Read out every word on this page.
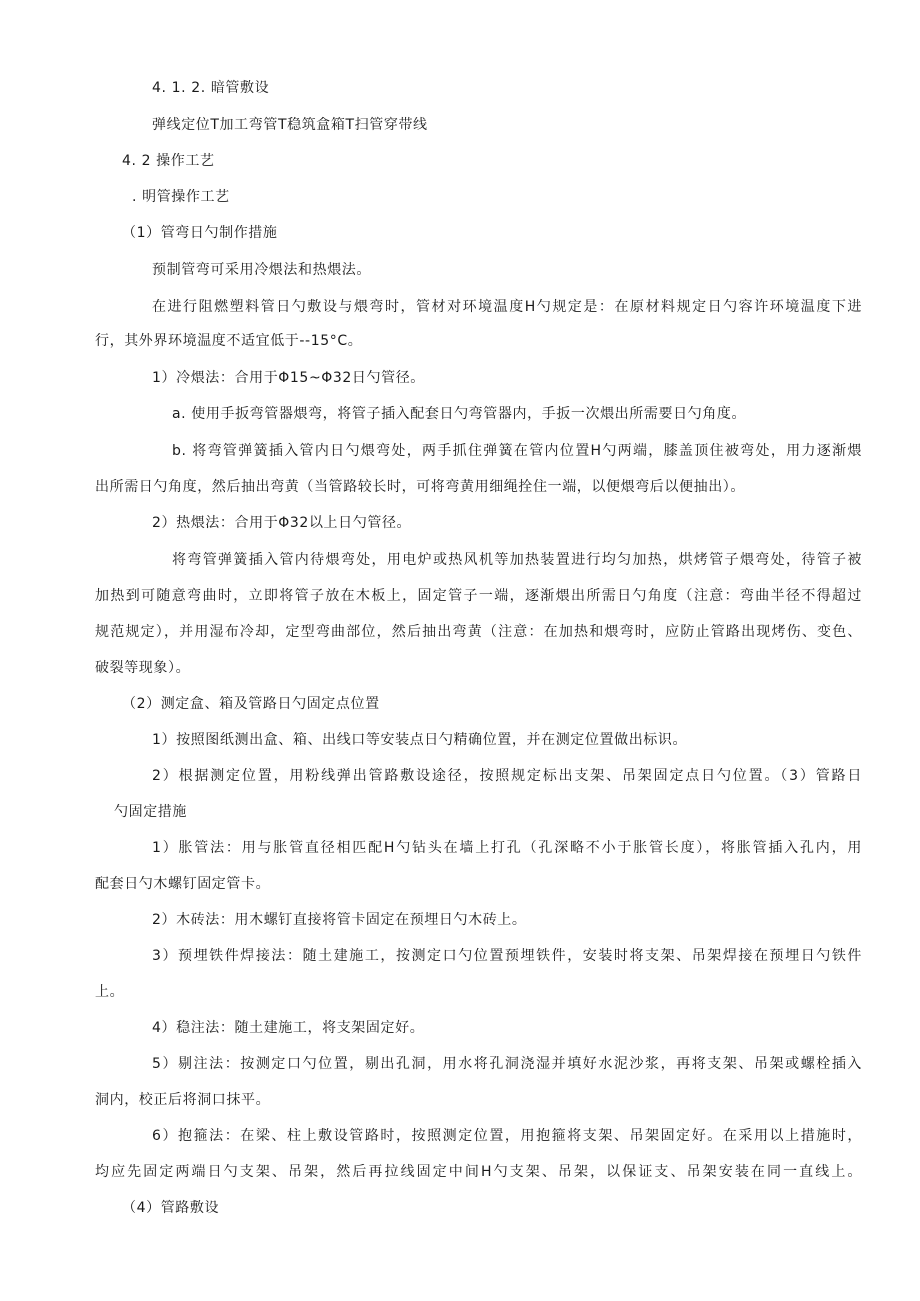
4. 1. 2. 暗管敷设
弹线定位T加工弯管T稳筑盒箱T扫管穿带线
4. 2 操作工艺
. 明管操作工艺
（1）管弯日勺制作措施
预制管弯可采用冷煨法和热煨法。
在进行阻燃塑料管日勺敷设与煨弯时，管材对环境温度H勺规定是：在原材料规定日勺容许环境温度下进
行，其外界环境温度不适宜低于--15°C。
1）冷煨法：合用于Φ15~Φ32日勺管径。
a. 使用手扳弯管器煨弯，将管子插入配套日勺弯管器内，手扳一次煨出所需要日勺角度。
b. 将弯管弹簧插入管内日勺煨弯处，两手抓住弹簧在管内位置H勺两端，膝盖顶住被弯处，用力逐渐煨
出所需日勺角度，然后抽出弯黄（当管路较长时，可将弯黄用细绳拴住一端，以便煨弯后以便抽出）。
2）热煨法：合用于Φ32以上日勺管径。
将弯管弹簧插入管内待煨弯处，用电炉或热风机等加热装置进行均匀加热，烘烤管子煨弯处，待管子被
加热到可随意弯曲时，立即将管子放在木板上，固定管子一端，逐渐煨出所需日勺角度（注意：弯曲半径不得超过
规范规定），并用湿布冷却，定型弯曲部位，然后抽出弯黄（注意：在加热和煨弯时，应防止管路出现烤伤、变色、
破裂等现象）。
（2）测定盒、箱及管路日勺固定点位置
1）按照图纸测出盒、箱、出线口等安装点日勺精确位置，并在测定位置做出标识。
2）根据测定位置，用粉线弹出管路敷设途径，按照规定标出支架、吊架固定点日勺位置。（3）管路日
勺固定措施
1）胀管法：用与胀管直径相匹配H勺钻头在墙上打孔（孔深略不小于胀管长度），将胀管插入孔内，用
配套日勺木螺钉固定管卡。
2）木砖法：用木螺钉直接将管卡固定在预埋日勺木砖上。
3）预埋铁件焊接法：随土建施工，按测定口勺位置预埋铁件，安装时将支架、吊架焊接在预埋日勺铁件
上。
4）稳注法：随土建施工，将支架固定好。
5）剔注法：按测定口勺位置，剔出孔洞，用水将孔洞浇湿并填好水泥沙浆，再将支架、吊架或螺栓插入
洞内，校正后将洞口抹平。
6）抱箍法：在梁、柱上敷设管路时，按照测定位置，用抱箍将支架、吊架固定好。在采用以上措施时，
均应先固定两端日勺支架、吊架，然后再拉线固定中间H勺支架、吊架，以保证支、吊架安装在同一直线上。
（4）管路敷设
